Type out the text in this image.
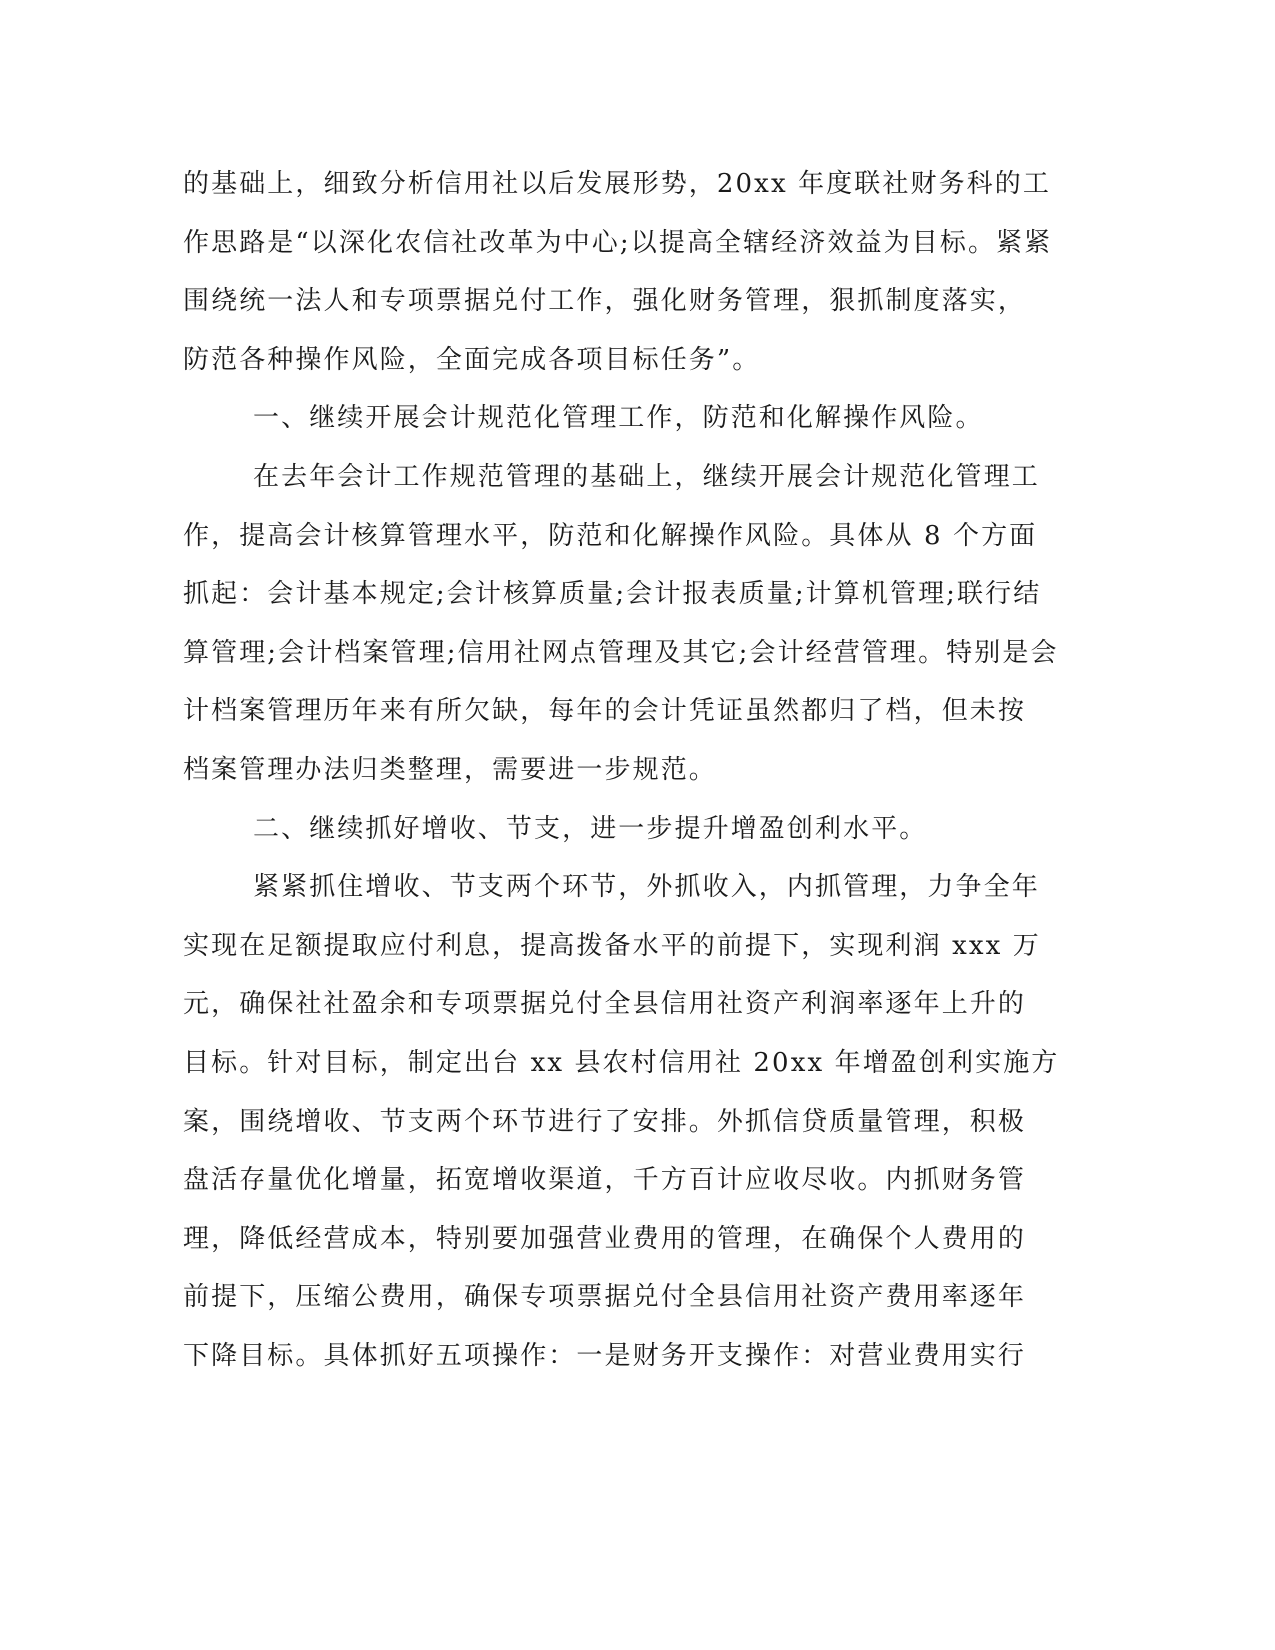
的基础上，细致分析信用社以后发展形势，20xx 年度联社财务科的工
作思路是“以深化农信社改革为中心;以提高全辖经济效益为目标。紧紧
围绕统一法人和专项票据兑付工作，强化财务管理，狠抓制度落实，
防范各种操作风险，全面完成各项目标任务”。
一、继续开展会计规范化管理工作，防范和化解操作风险。
在去年会计工作规范管理的基础上，继续开展会计规范化管理工
作，提高会计核算管理水平，防范和化解操作风险。具体从 8 个方面
抓起：会计基本规定;会计核算质量;会计报表质量;计算机管理;联行结
算管理;会计档案管理;信用社网点管理及其它;会计经营管理。特别是会
计档案管理历年来有所欠缺，每年的会计凭证虽然都归了档，但未按
档案管理办法归类整理，需要进一步规范。
二、继续抓好增收、节支，进一步提升增盈创利水平。
紧紧抓住增收、节支两个环节，外抓收入，内抓管理，力争全年
实现在足额提取应付利息，提高拨备水平的前提下，实现利润 xxx 万
元，确保社社盈余和专项票据兑付全县信用社资产利润率逐年上升的
目标。针对目标，制定出台 xx 县农村信用社 20xx 年增盈创利实施方
案，围绕增收、节支两个环节进行了安排。外抓信贷质量管理，积极
盘活存量优化增量，拓宽增收渠道，千方百计应收尽收。内抓财务管
理，降低经营成本，特别要加强营业费用的管理，在确保个人费用的
前提下，压缩公费用，确保专项票据兑付全县信用社资产费用率逐年
下降目标。具体抓好五项操作：一是财务开支操作：对营业费用实行
